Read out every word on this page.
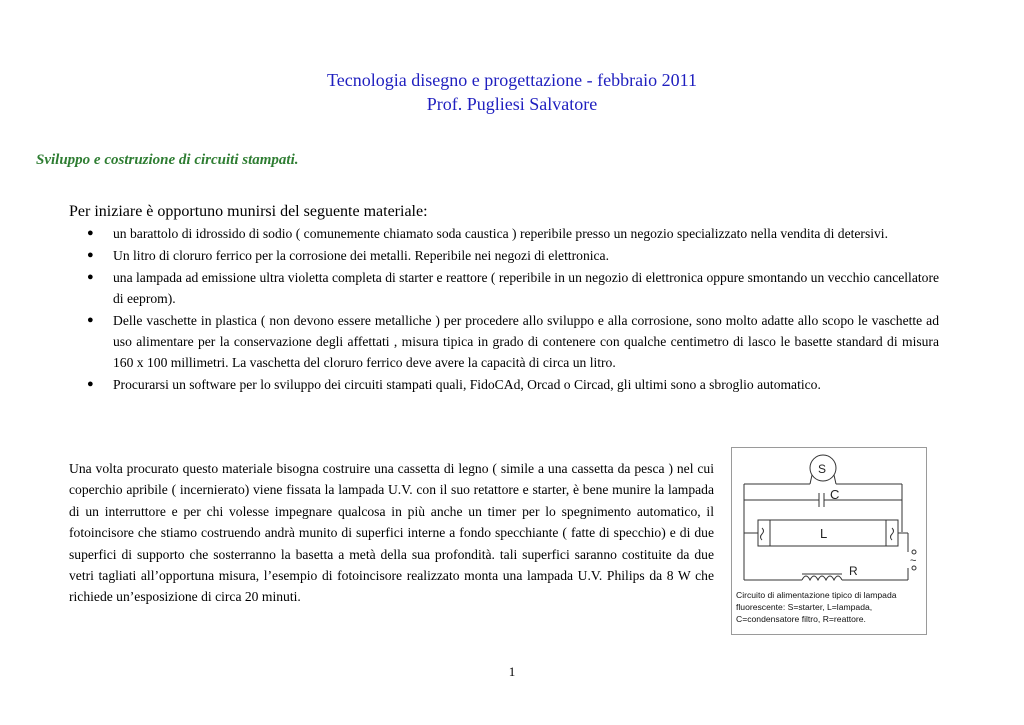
Tecnologia disegno e progettazione - febbraio 2011
Prof. Pugliesi Salvatore
Sviluppo e costruzione di circuiti stampati.
Per iniziare è opportuno munirsi del seguente materiale:
● un barattolo di idrossido di sodio ( comunemente chiamato soda caustica ) reperibile presso un negozio specializzato nella vendita di detersivi.
● Un litro di cloruro ferrico per la corrosione dei metalli. Reperibile nei negozi di elettronica.
● una lampada ad emissione ultra violetta completa di starter e reattore ( reperibile in un negozio di elettronica oppure smontando un vecchio cancellatore di eeprom).
● Delle vaschette in plastica ( non devono essere metalliche ) per procedere allo sviluppo e alla corrosione, sono molto adatte allo scopo le vaschette ad uso alimentare per la conservazione degli affettati , misura tipica in grado di contenere con qualche centimetro di lasco le basette standard di misura 160 x 100 millimetri. La vaschetta del cloruro ferrico deve avere la capacità di circa un litro.
● Procurarsi un software per lo sviluppo dei circuiti stampati quali, FidoCAd, Orcad o Circad, gli ultimi sono a sbroglio automatico.
Una volta procurato questo materiale bisogna costruire una cassetta di legno ( simile a una cassetta da pesca ) nel cui coperchio apribile ( incernierato) viene fissata la lampada U.V. con il suo retattore e starter, è bene munire la lampada di un interruttore e per chi volesse impegnare qualcosa in più anche un timer per lo spegnimento automatico, il fotoincisore che stiamo costruendo andrà munito di superfici interne a fondo specchiante ( fatte di specchio) e di due superfici di supporto che sosterranno la basetta a metà della sua profondità. tali superfici saranno costituite da due vetri tagliati all’opportuna misura, l’esempio di fotoincisore realizzato monta una lampada U.V. Philips da 8 W che richiede un’esposizione di circa 20 minuti.
S
C
L
R
~
Circuito di alimentazione tipico di lampada fluorescente: S=starter, L=lampada, C=condensatore filtro, R=reattore.
1
